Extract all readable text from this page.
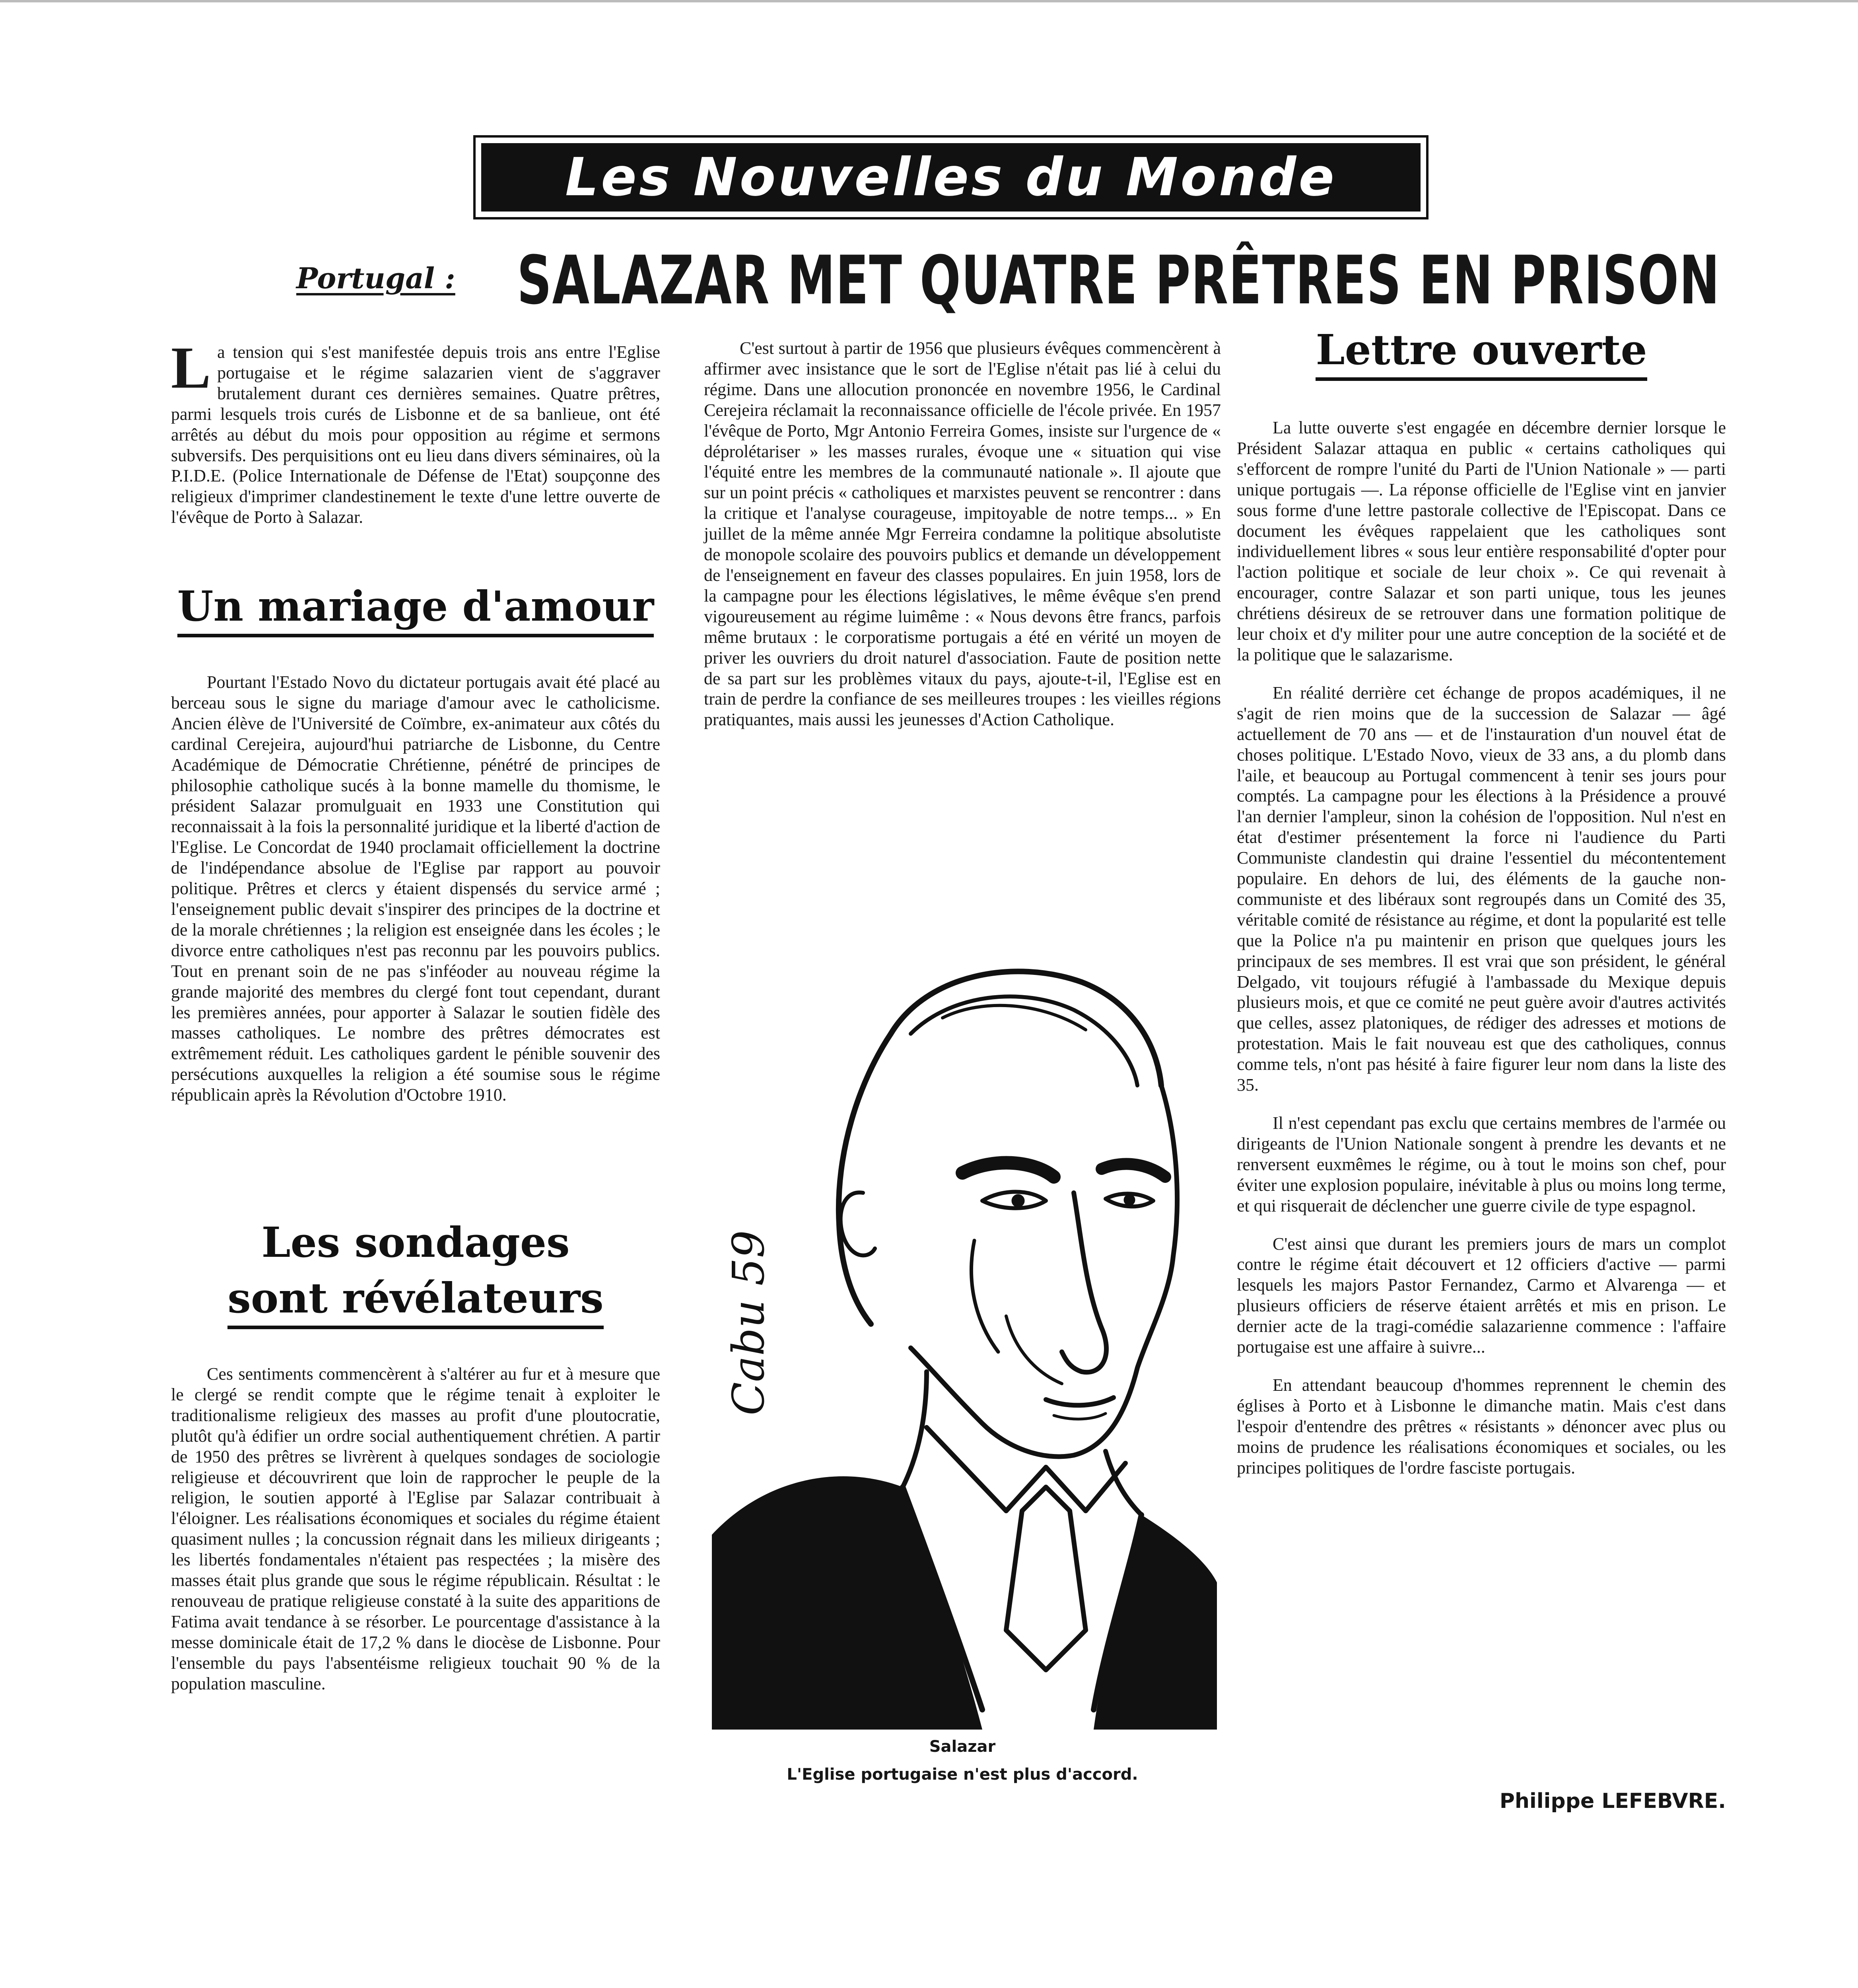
Les Nouvelles du Monde
Portugal : SALAZAR MET QUATRE PRÊTRES EN PRISON

La tension qui s'est manifestée depuis trois ans entre l'Eglise portugaise et le régime salazarien vient de s'aggraver brutalement durant ces dernières semaines. Quatre prêtres, parmi lesquels trois curés de Lisbonne et de sa banlieue, ont été arrêtés au début du mois pour opposition au régime et sermons subversifs. Des perquisitions ont eu lieu dans divers séminaires, où la P.I.D.E. (Police Internationale de Défense de l'Etat) soupçonne des religieux d'imprimer clandestinement le texte d'une lettre ouverte de l'évêque de Porto à Salazar.

Un mariage d'amour

Pourtant l'Estado Novo du dictateur portugais avait été placé au berceau sous le signe du mariage d'amour avec le catholicisme. Ancien élève de l'Université de Coïmbre, ex-animateur aux côtés du cardinal Cerejeira, aujourd'hui patriarche de Lisbonne, du Centre Académique de Démocratie Chrétienne, pénétré de principes de philosophie catholique sucés à la bonne mamelle du thomisme, le président Salazar promulguait en 1933 une Constitution qui reconnaissait à la fois la personnalité juridique et la liberté d'action de l'Eglise. Le Concordat de 1940 proclamait officiellement la doctrine de l'indépendance absolue de l'Eglise par rapport au pouvoir politique. Prêtres et clercs y étaient dispensés du service armé ; l'enseignement public devait s'inspirer des principes de la doctrine et de la morale chrétiennes ; la religion est enseignée dans les écoles ; le divorce entre catholiques n'est pas reconnu par les pouvoirs publics. Tout en prenant soin de ne pas s'inféoder au nouveau régime la grande majorité des membres du clergé font tout cependant, durant les premières années, pour apporter à Salazar le soutien fidèle des masses catholiques. Le nombre des prêtres démocrates est extrêmement réduit. Les catholiques gardent le pénible souvenir des persécutions auxquelles la religion a été soumise sous le régime républicain après la Révolution d'Octobre 1910.

Les sondages
sont révélateurs

Ces sentiments commencèrent à s'altérer au fur et à mesure que le clergé se rendit compte que le régime tenait à exploiter le traditionalisme religieux des masses au profit d'une ploutocratie, plutôt qu'à édifier un ordre social authentiquement chrétien. A partir de 1950 des prêtres se livrèrent à quelques sondages de sociologie religieuse et découvrirent que loin de rapprocher le peuple de la religion, le soutien apporté à l'Eglise par Salazar contribuait à l'éloigner. Les réalisations économiques et sociales du régime étaient quasiment nulles ; la concussion régnait dans les milieux dirigeants ; les libertés fondamentales n'étaient pas respectées ; la misère des masses était plus grande que sous le régime républicain. Résultat : le renouveau de pratique religieuse constaté à la suite des apparitions de Fatima avait tendance à se résorber. Le pourcentage d'assistance à la messe dominicale était de 17,2 % dans le diocèse de Lisbonne. Pour l'ensemble du pays l'absentéisme religieux touchait 90 % de la population masculine.

C'est surtout à partir de 1956 que plusieurs évêques commencèrent à affirmer avec insistance que le sort de l'Eglise n'était pas lié à celui du régime. Dans une allocution prononcée en novembre 1956, le Cardinal Cerejeira réclamait la reconnaissance officielle de l'école privée. En 1957 l'évêque de Porto, Mgr Antonio Ferreira Gomes, insiste sur l'urgence de « déprolétariser » les masses rurales, évoque une « situation qui vise l'équité entre les membres de la communauté nationale ». Il ajoute que sur un point précis « catholiques et marxistes peuvent se rencontrer : dans la critique et l'analyse courageuse, impitoyable de notre temps... » En juillet de la même année Mgr Ferreira condamne la politique absolutiste de monopole scolaire des pouvoirs publics et demande un développement de l'enseignement en faveur des classes populaires. En juin 1958, lors de la campagne pour les élections législatives, le même évêque s'en prend vigoureusement au régime luimême : « Nous devons être francs, parfois même brutaux : le corporatisme portugais a été en vérité un moyen de priver les ouvriers du droit naturel d'association. Faute de position nette de sa part sur les problèmes vitaux du pays, ajoute-t-il, l'Eglise est en train de perdre la confiance de ses meilleures troupes : les vieilles régions pratiquantes, mais aussi les jeunesses d'Action Catholique.

Cabu 59
Salazar
L'Eglise portugaise n'est plus d'accord.
Lettre ouverte

La lutte ouverte s'est engagée en décembre dernier lorsque le Président Salazar attaqua en public « certains catholiques qui s'efforcent de rompre l'unité du Parti de l'Union Nationale » — parti unique portugais —. La réponse officielle de l'Eglise vint en janvier sous forme d'une lettre pastorale collective de l'Episcopat. Dans ce document les évêques rappelaient que les catholiques sont individuellement libres « sous leur entière responsabilité d'opter pour l'action politique et sociale de leur choix ». Ce qui revenait à encourager, contre Salazar et son parti unique, tous les jeunes chrétiens désireux de se retrouver dans une formation politique de leur choix et d'y militer pour une autre conception de la société et de la politique que le salazarisme.

En réalité derrière cet échange de propos académiques, il ne s'agit de rien moins que de la succession de Salazar — âgé actuellement de 70 ans — et de l'instauration d'un nouvel état de choses politique. L'Estado Novo, vieux de 33 ans, a du plomb dans l'aile, et beaucoup au Portugal commencent à tenir ses jours pour comptés. La campagne pour les élections à la Présidence a prouvé l'an dernier l'ampleur, sinon la cohésion de l'opposition. Nul n'est en état d'estimer présentement la force ni l'audience du Parti Communiste clandestin qui draine l'essentiel du mécontentement populaire. En dehors de lui, des éléments de la gauche non-communiste et des libéraux sont regroupés dans un Comité des 35, véritable comité de résistance au régime, et dont la popularité est telle que la Police n'a pu maintenir en prison que quelques jours les principaux de ses membres. Il est vrai que son président, le général Delgado, vit toujours réfugié à l'ambassade du Mexique depuis plusieurs mois, et que ce comité ne peut guère avoir d'autres activités que celles, assez platoniques, de rédiger des adresses et motions de protestation. Mais le fait nouveau est que des catholiques, connus comme tels, n'ont pas hésité à faire figurer leur nom dans la liste des 35.

Il n'est cependant pas exclu que certains membres de l'armée ou dirigeants de l'Union Nationale songent à prendre les devants et ne renversent euxmêmes le régime, ou à tout le moins son chef, pour éviter une explosion populaire, inévitable à plus ou moins long terme, et qui risquerait de déclencher une guerre civile de type espagnol.

C'est ainsi que durant les premiers jours de mars un complot contre le régime était découvert et 12 officiers d'active — parmi lesquels les majors Pastor Fernandez, Carmo et Alvarenga — et plusieurs officiers de réserve étaient arrêtés et mis en prison. Le dernier acte de la tragi-comédie salazarienne commence : l'affaire portugaise est une affaire à suivre...

En attendant beaucoup d'hommes reprennent le chemin des églises à Porto et à Lisbonne le dimanche matin. Mais c'est dans l'espoir d'entendre des prêtres « résistants » dénoncer avec plus ou moins de prudence les réalisations économiques et sociales, ou les principes politiques de l'ordre fasciste portugais.

Philippe LEFEBVRE.
